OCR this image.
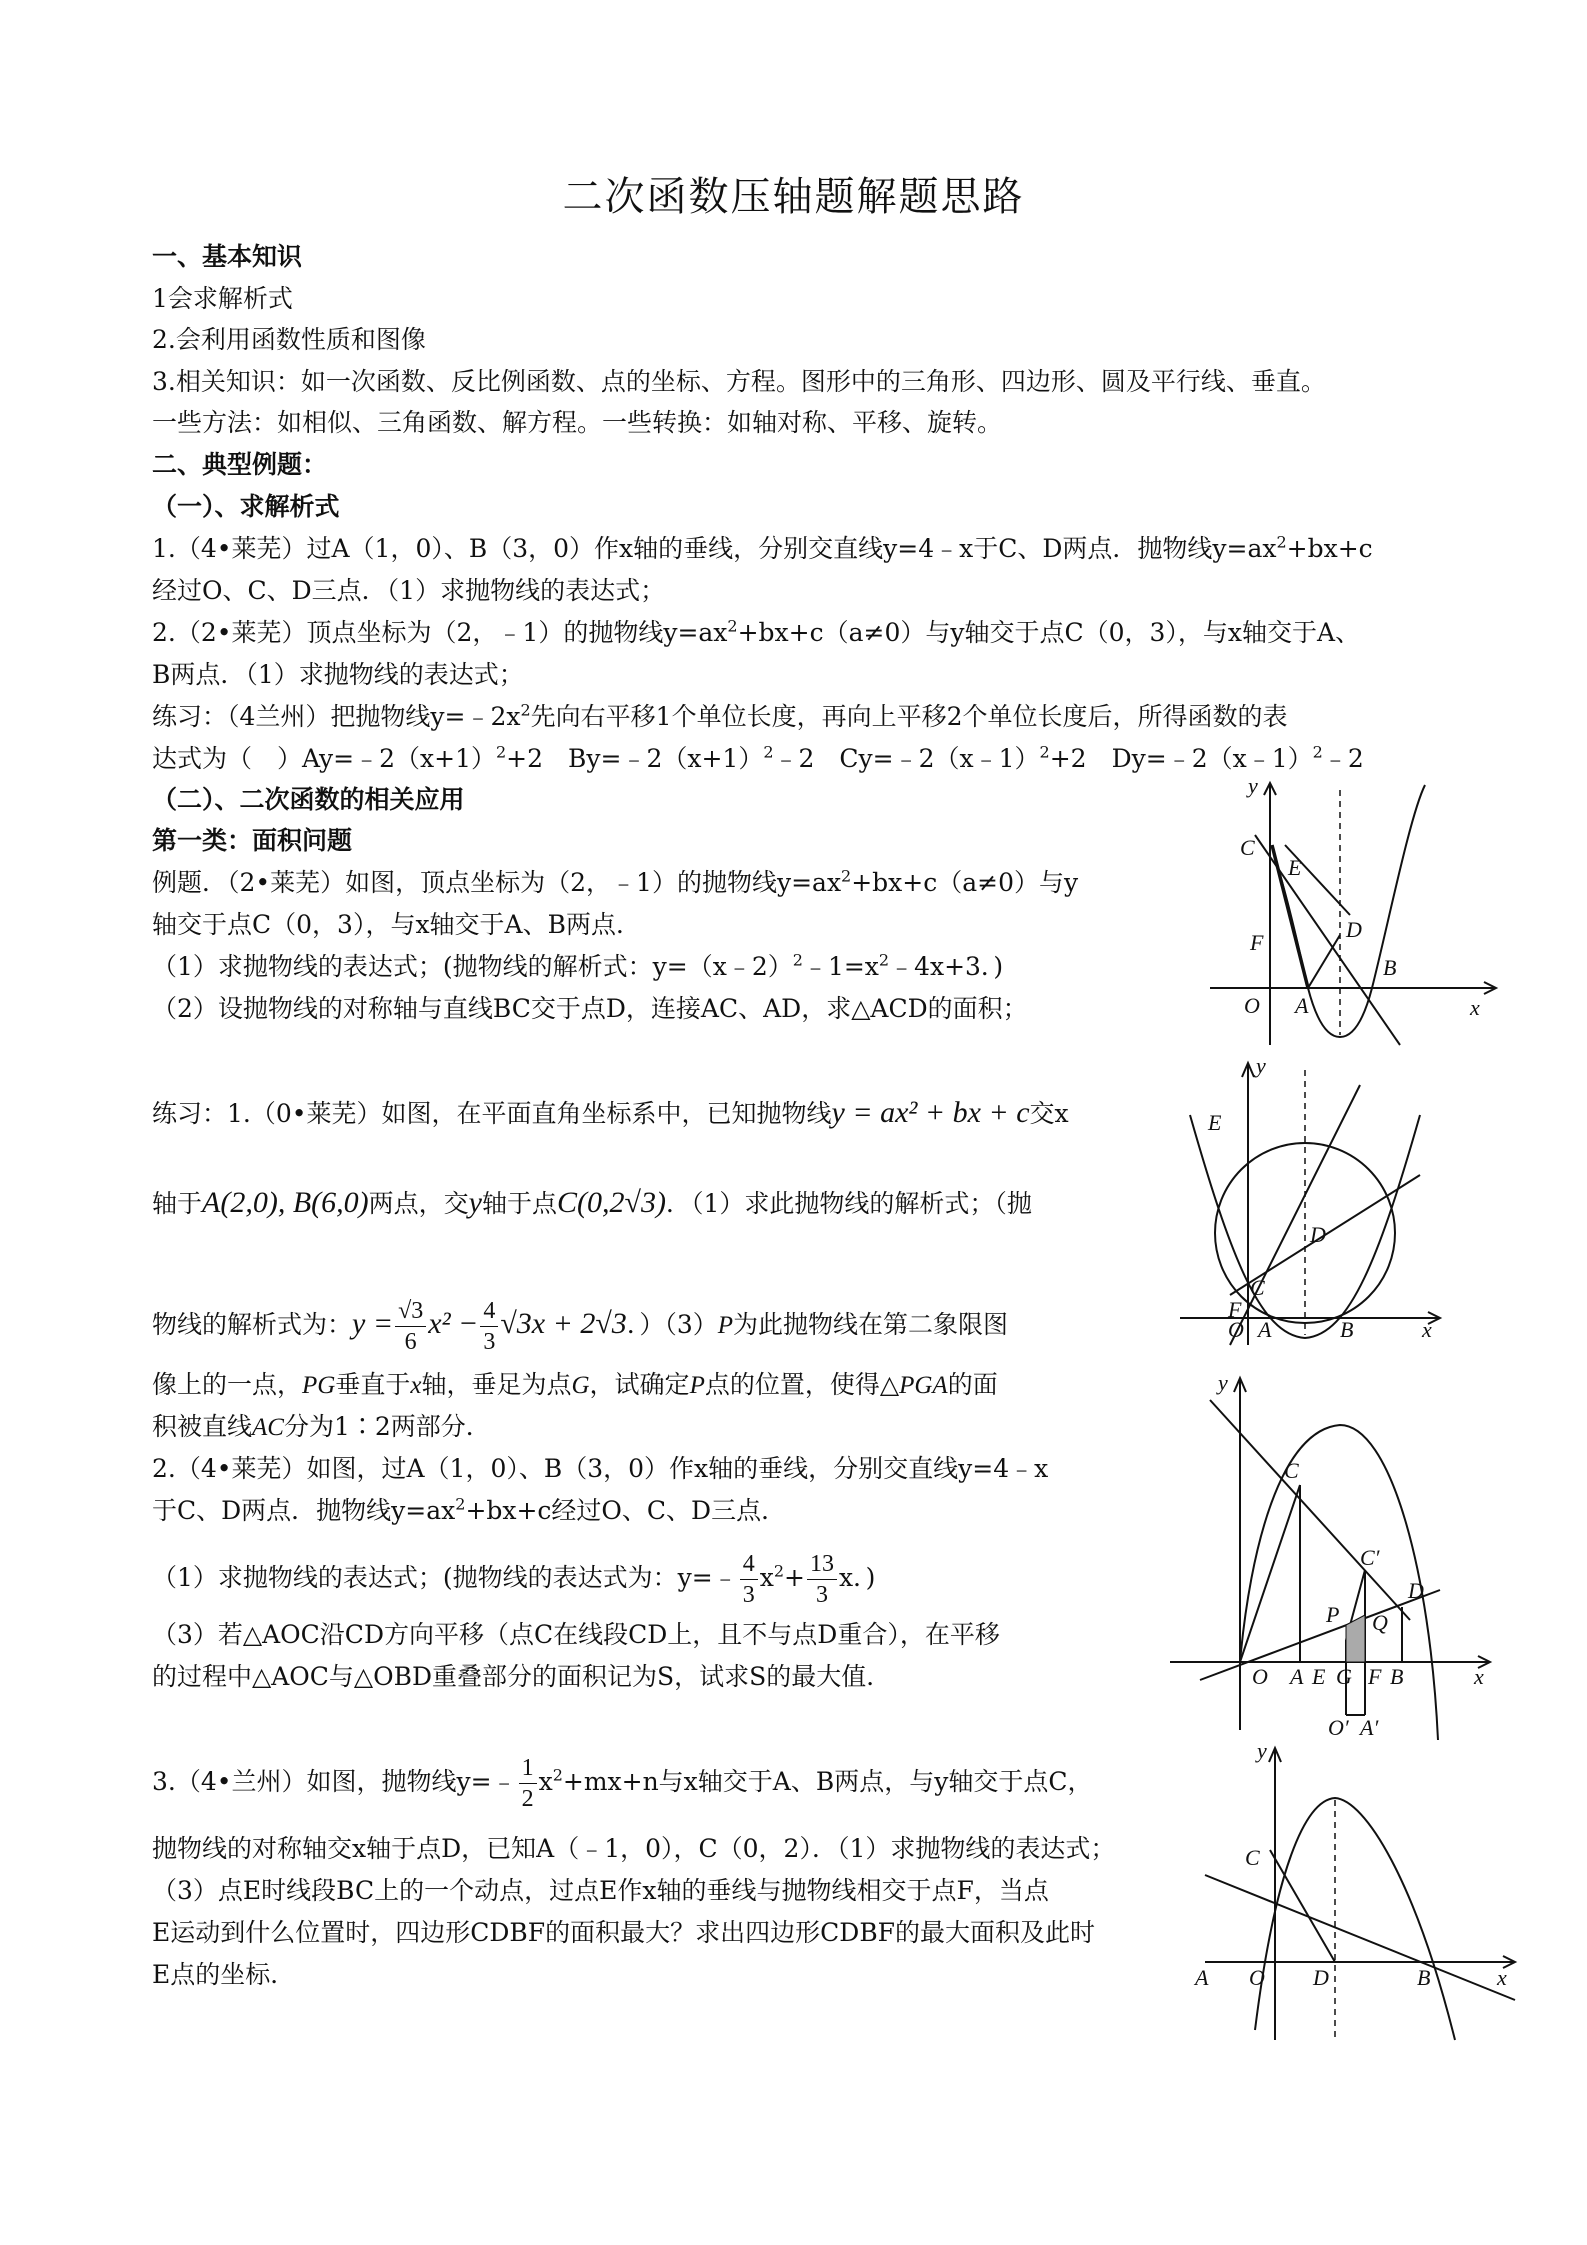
二次函数压轴题解题思路
一、基本知识
1会求解析式
2.会利用函数性质和图像
3.相关知识：如一次函数、反比例函数、点的坐标、方程。图形中的三角形、四边形、圆及平行线、垂直。
一些方法：如相似、三角函数、解方程。一些转换：如轴对称、平移、旋转。
二、典型例题：
（一）、求解析式
1.（4•莱芜）过A（1，0）、B（3，0）作x轴的垂线，分别交直线y=4﹣x于C、D两点．抛物线$y=ax^2+bx+c$
经过O、C、D三点．（1）求抛物线的表达式；
2.（2•莱芜）顶点坐标为（2，﹣1）的抛物线$y=ax^2+bx+c(a\ne 0)$与y轴交于点C（0，3），与x轴交于A、
B两点．（1）求抛物线的表达式；
练习：（4兰州）把抛物线$y=﹣2x^2$先向右平移1个单位长度，再向上平移2个单位长度后，所得函数的表
达式为（　）$Ay=﹣2(x+1)^2+2$　$By=﹣2(x+1)^2﹣2$　Cy=﹣2（x﹣1）$^2$+2　Dy=﹣2（x﹣1）$^2$﹣2
（二）、二次函数的相关应用
第一类：面积问题
例题．（2•莱芜）如图，顶点坐标为（2，﹣1）的抛物线$y=ax^2+bx+c(a\ne 0)$与y
轴交于点C（0，3），与x轴交于A、B两点．
（1）求抛物线的表达式；(抛物线的解析式：$y=(x﹣2)^2﹣1=x^2﹣4x+3$．)
（2）设抛物线的对称轴与直线BC交于点D，连接AC、AD，求△ACD的面积；
练习：1.（0•莱芜）如图，在平面直角坐标系中，已知抛物线y = ax² + bx + c交x
轴于A(2,0), B(6,0)两点，交y轴于点C(0,2√3)．（1）求此抛物线的解析式；（抛
物线的解析式为：$y = \frac{√3}{6} x^2 - \frac{4}{3} √3x + 2√3$．）（3）P为此抛物线在第二象限图
像上的一点，PG垂直于x轴，垂足为点G，试确定P点的位置，使得△PGA的面
积被直线AC分为1∶2两部分．
2.（4•莱芜）如图，过A（1，0）、B（3，0）作x轴的垂线，分别交直线y=4﹣x
于C、D两点．抛物线$y=ax^2+bx+c$经过O、C、D三点．
（1）求抛物线的表达式；(抛物线的表达式为：y=﹣ $\frac{4}{3} x^2+ \frac{13}{3}$ x．)
（3）若△AOC沿CD方向平移（点C在线段CD上，且不与点D重合），在平移
的过程中△AOC与△OBD重叠部分的面积记为S，试求S的最大值．
3.（4•兰州）如图，抛物线y=﹣ $\frac{1}{2} x^2+mx+n$与x轴交于A、B两点，与y轴交于点C，
抛物线的对称轴交x轴于点D，已知A（﹣1，0），C（0，2）．（1）求抛物线的表达式；
（3）点E时线段BC上的一个动点，过点E作x轴的垂线与抛物线相交于点F，当点
E运动到什么位置时，四边形CDBF的面积最大？求出四边形CDBF的最大面积及此时
E点的坐标．
C
E
D
F
B
O A
y
x
E
D
C
F
O A	B
y
x
C
C′
D
P Q
O A E G F B
O′ A′
y
x
C
A O D	B
y
x
